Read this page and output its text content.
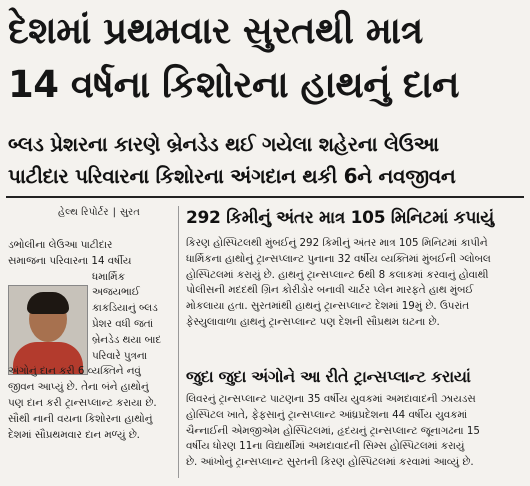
દેશમાં પ્રથમવાર સુરતથી માત્ર
14 વર્ષના કિશોરના હાથનું દાન
બ્લડ પ્રેશરના કારણે બ્રેનડેડ થઈ ગયેલા શહેરના લેઉઆ
પાટીદાર પરિવારના કિશોરના અંગદાન થકી 6ને નવજીવન
હેલ્થ રિપોર્ટર | સુરત

ડભોલીના લેઉઆ પાટીદાર

સમાજના પરિવારના 14 વર્ષીય

ધમાર્મિક

અજયભાઈ

કાકડિયાનું બ્લડ

પ્રેશર વધી જતાં

બ્રેનડેડ થયા બાદ

પરિવારે પુત્રના

અંગોનું દાન કરી 6 વ્યક્તિને નવું

જીવન આપ્યું છે. તેના બંને હાથોનું

પણ દાન કરી ટ્રાન્સપ્લાન્ટ કરાયા છે.

સૌથી નાની વયના કિશોરના હાથોનું

દેશમાં સૌપ્રથમવાર દાન મળ્યું છે.

292 કિમીનું અંતર માત્ર 105 મિનિટમાં કપાયું

કિરણ હોસ્પિટલથી મુંબઈનું 292 કિમીનું અંતર માત્ર 105 મિનિટમાં કાપીને

ધાર્મિકના હાથોનું ટ્રાન્સપ્લાન્ટ પુનાના 32 વર્ષીય વ્યક્તિમાં મુંબઈની ગ્લોબલ

હોસ્પિટલમાં કરાયું છે. હાથનું ટ્રાન્સપ્લાન્ટ 6થી 8 કલાકમાં કરવાનું હોવાથી

પોલીસની મદદથી ગ્રિન કોરીડોર બનાવી ચાર્ટર પ્લેન મારફતે હાથ મુંબઈ

મોકલાયા હતા. સુરતમાંથી હાથનું ટ્રાન્સપ્લાન્ટ દેશમાં 19મું છે. ઉપરાંત

ફેસ્યુલાવાળા હાથનું ટ્રાન્સપ્લાન્ટ પણ દેશની સૌપ્રથમ ઘટના છે.

જુદા જુદા અંગોને આ રીતે ટ્રાન્સપ્લાન્ટ કરાયાં

લિવરનું ટ્રાન્સપ્લાન્ટ પાટણના 35 વર્ષીય યુવકમાં અમદાવાદની ઝાયડસ

હોસ્પિટલ ખાતે, ફેફસાનું ટ્રાન્સપ્લાન્ટ આંધ્રપ્રદેશના 44 વર્ષીય યુવકમાં

ચૈન્નાઈની એમજીએમ હોસ્પિટલમાં, હૃદયનું ટ્રાન્સપ્લાન્ટ જૂનાગઢના 15

વર્ષીય ધોરણ 11ના વિદ્યાર્થીમાં અમદાવાદની સિમ્સ હોસ્પિટલમાં કરાયું

છે. આંખોનું ટ્રાન્સપ્લાન્ટ સુરતની કિરણ હોસ્પિટલમાં કરવામાં આવ્યું છે.
